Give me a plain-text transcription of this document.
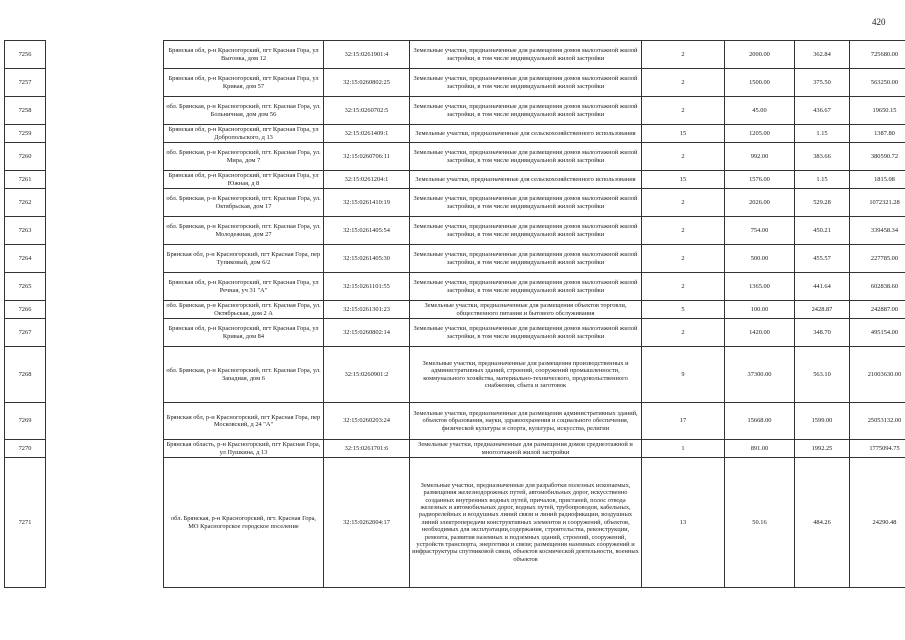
420
7256		Брянская обл, р-н Красногорский, пгт Красная Гора, ул Выгонка, дом 12	32:15:0261901:4	Земельные участки, предназначенные для размещения домов малоэтажной жилой застройки, в том числе индивидуальной жилой застройки	2	2000.00	362.84	725680.00
7257		Брянская обл, р-н Красногорский, пгт Красная Гора, ул Кривая, дом 57	32:15:0260802:25	Земельные участки, предназначенные для размещения домов малоэтажной жилой застройки, в том числе индивидуальной жилой застройки	2	1500.00	375.50	563250.00
7258		обл. Брянская, р-н Красногорский, пгт. Красная Гора, ул. Больничная, дом дом 56	32:15:0260702:5	Земельные участки, предназначенные для размещения домов малоэтажной жилой застройки, в том числе индивидуальной жилой застройки	2	45.00	436.67	19650.15
7259		Брянская обл, р-н Красногорский, пгт Красная Гора, ул Добропольского, д 13	32:15:0261409:1	Земельные участки, предназначенные для сельскохозяйственного использования	15	1205.00	1.15	1387.80
7260		обл. Брянская, р-н Красногорский, пгт. Красная Гора, ул. Мира, дом 7	32:15:0260706:11	Земельные участки, предназначенные для размещения домов малоэтажной жилой застройки, в том числе индивидуальной жилой застройки	2	992.00	383.66	380590.72
7261		Брянская обл, р-н Красногорский, пгт Красная Гора, ул Южная, д 8	32:15:0261204:1	Земельные участки, предназначенные для сельскохозяйственного использования	15	1576.00	1.15	1815.08
7262		обл. Брянская, р-н Красногорский, пгт. Красная Гора, ул. Октябрьская, дом 17	32:15:0261410:19	Земельные участки, предназначенные для размещения домов малоэтажной жилой застройки, в том числе индивидуальной жилой застройки	2	2026.00	529.28	1072321.28
7263		обл. Брянская, р-н Красногорский, пгт. Красная Гора, ул. Молодежная, дом 27	32:15:0261405:54	Земельные участки, предназначенные для размещения домов малоэтажной жилой застройки, в том числе индивидуальной жилой застройки	2	754.00	450.21	339458.34
7264		Брянская обл, р-н Красногорский, пгт Красная Гора, пер Тупиковый, дом 6/2	32:15:0261405:30	Земельные участки, предназначенные для размещения домов малоэтажной жилой застройки, в том числе индивидуальной жилой застройки	2	500.00	455.57	227785.00
7265		Брянская обл, р-н Красногорский, пгт Красная Гора, ул Речная, уч 31 "А"	32:15:0261101:55	Земельные участки, предназначенные для размещения домов малоэтажной жилой застройки, в том числе индивидуальной жилой застройки	2	1365.00	441.64	602838.60
7266		обл. Брянская, р-н Красногорский, пгт. Красная Гора, ул. Октябрьская, дом 2 А	32:15:0261301:23	Земельные участки, предназначенные для размещения объектов торговли, общественного питания и бытового обслуживания	5	100.00	2428.87	242887.00
7267		Брянская обл, р-н Красногорский, пгт Красная Гора, ул Кривая, дом 84	32:15:0260802:14	Земельные участки, предназначенные для размещения домов малоэтажной жилой застройки, в том числе индивидуальной жилой застройки	2	1420.00	348.70	495154.00
7268		обл. Брянская, р-н Красногорский, пгт. Красная Гора, ул. Западная, дом 6	32:15:0260901:2	Земельные участки, предназначенные для размещения производственных и административных зданий, строений, сооружений промышленности, коммунального хозяйства, материально-технического, продовольственного снабжения, сбыта и заготовок	9	37300.00	563.10	21003630.00
7269		Брянская обл, р-н Красногорский, пгт Красная Гора, пер Московский, д 24 "А"	32:15:0260203:24	Земельные участки, предназначенные для размещения административных зданий, объектов образования, науки, здравоохранения и социального обеспечения, физической культуры и спорта, культуры, искусства, религии	17	15668.00	1599.00	25053132.00
7270		Брянская область, р-н Красногорский, пгт Красная Гора, ул Пушкина, д 13	32:15:0261701:6	Земельные участки, предназначенные для размещения домов среднеэтажной и многоэтажной жилой застройки	1	891.00	1992.25	1775094.75
7271		обл. Брянская, р-н Красногорский, пгт. Красная Гора, МО Красногорское городское поселение	32:15:0262004:17	Земельные участки, предназначенные для разработки полезных ископаемых, размещения железнодорожных путей, автомобильных дорог, искусственно созданных внутренних водных путей, причалов, пристаней, полос отвода железных и автомобильных дорог, водных путей, трубопроводов, кабельных, радиорелейных и воздушных линий связи и линий радиофикации, воздушных линий электропередачи конструктивных элементов и сооружений, объектов, необходимых для эксплуатации,содержания, строительства, реконструкции, ремонта, развития наземных и подземных зданий, строений, сооружений, устройств транспорта, энергетики и связи; размещения наземных сооружений и инфраструктуры спутниковой связи, объектов космической деятельности, военных объектов	13	50.16	484.26	24290.48
